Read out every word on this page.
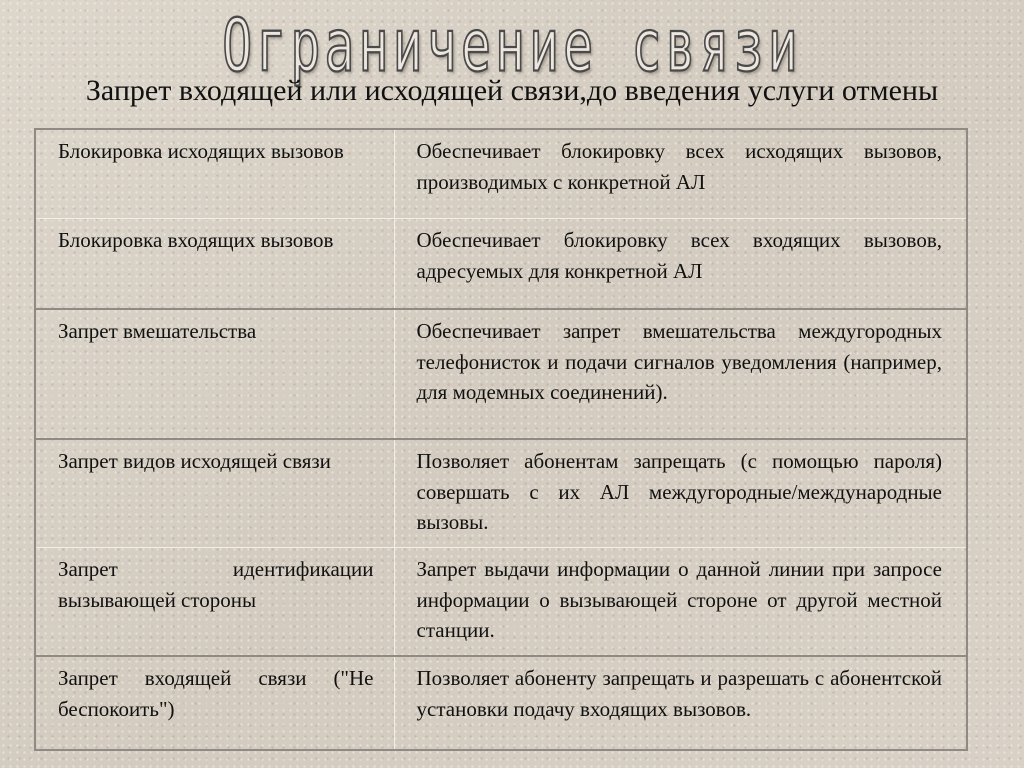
Ограничение связи
Запрет входящей или исходящей связи,до введения услуги отмены
Блокировка исходящих вызовов	Обеспечивает блокировку всех исходящих вызовов, производимых с конкретной АЛ

Блокировка входящих вызовов	Обеспечивает блокировку всех входящих вызовов, адресуемых для конкретной АЛ

Запрет вмешательства	Обеспечивает запрет вмешательства междугородных телефонисток и подачи сигналов уведомления (например, для модемных соединений).

Запрет видов исходящей связи	Позволяет абонентам запрещать (с помощью пароля) совершать с их АЛ междугородные/международные вызовы.

Запрет идентификации вызывающей стороны	Запрет выдачи информации о данной линии при запросе информации о вызывающей стороне от другой местной станции.

Запрет входящей связи ("Не беспокоить")	Позволяет абоненту запрещать и разрешать с абонентской установки подачу входящих вызовов.
